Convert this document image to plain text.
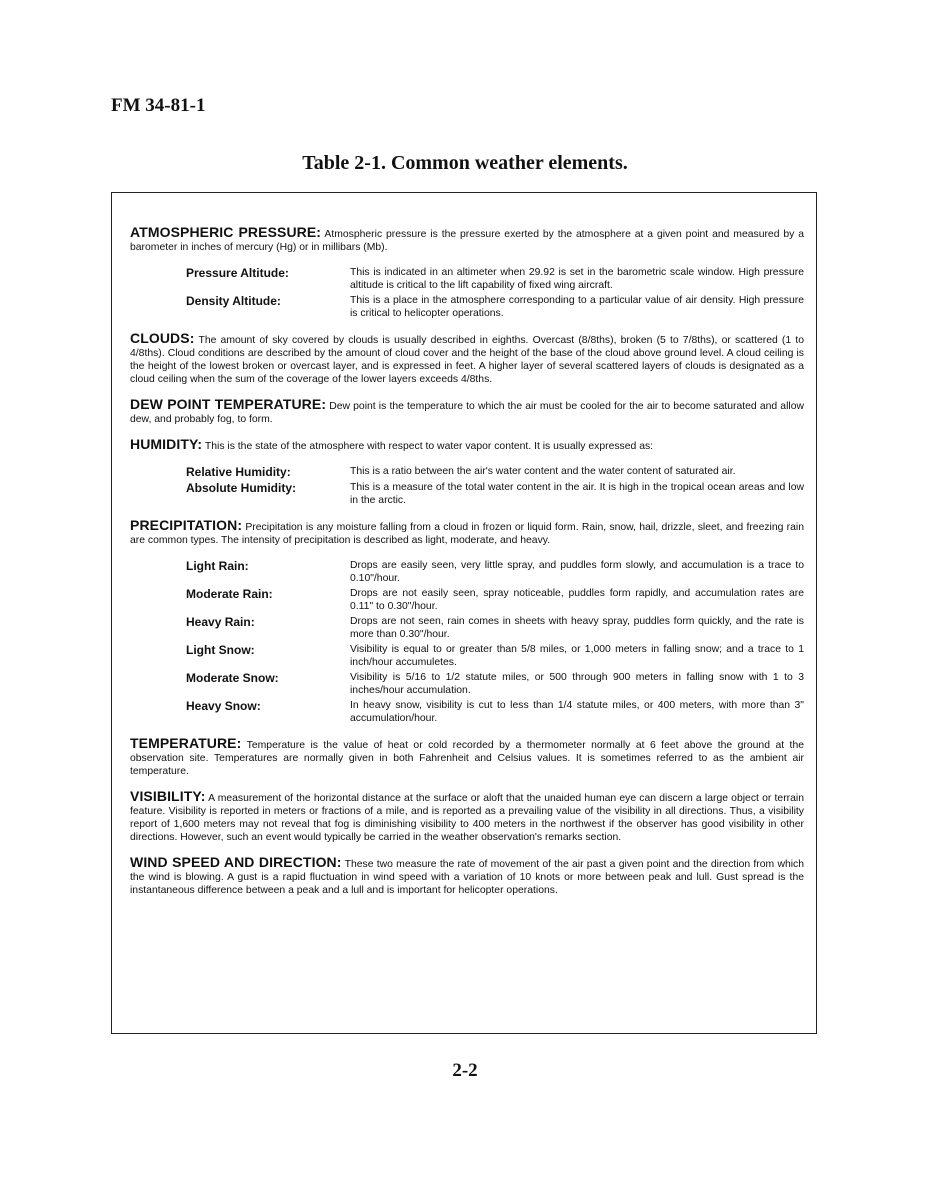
FM 34-81-1
Table 2-1. Common weather elements.

ATMOSPHERIC PRESSURE: Atmospheric pressure is the pressure exerted by the atmosphere at a given point and measured by a barometer in inches of mercury (Hg) or in millibars (Mb).

Pressure Altitude:	This is indicated in an altimeter when 29.92 is set in the barometric scale window. High pressure altitude is critical to the lift capability of fixed wing aircraft.
Density Altitude:	This is a place in the atmosphere corresponding to a particular value of air density. High pressure is critical to helicopter operations.

CLOUDS: The amount of sky covered by clouds is usually described in eighths. Overcast (8/8ths), broken (5 to 7/8ths), or scattered (1 to 4/8ths). Cloud conditions are described by the amount of cloud cover and the height of the base of the cloud above ground level. A cloud ceiling is the height of the lowest broken or overcast layer, and is expressed in feet. A higher layer of several scattered layers of clouds is designated as a cloud ceiling when the sum of the coverage of the lower layers exceeds 4/8ths.

DEW POINT TEMPERATURE: Dew point is the temperature to which the air must be cooled for the air to become saturated and allow dew, and probably fog, to form.

HUMIDITY: This is the state of the atmosphere with respect to water vapor content. It is usually expressed as:

Relative Humidity:	This is a ratio between the air's water content and the water content of saturated air.
Absolute Humidity:	This is a measure of the total water content in the air. It is high in the tropical ocean areas and low in the arctic.

PRECIPITATION: Precipitation is any moisture falling from a cloud in frozen or liquid form. Rain, snow, hail, drizzle, sleet, and freezing rain are common types. The intensity of precipitation is described as light, moderate, and heavy.

Light Rain:	Drops are easily seen, very little spray, and puddles form slowly, and accumulation is a trace to 0.10"/hour.
Moderate Rain:	Drops are not easily seen, spray noticeable, puddles form rapidly, and accumulation rates are 0.11" to 0.30"/hour.
Heavy Rain:	Drops are not seen, rain comes in sheets with heavy spray, puddles form quickly, and the rate is more than 0.30"/hour.
Light Snow:	Visibility is equal to or greater than 5/8 miles, or 1,000 meters in falling snow; and a trace to 1 inch/hour accumuletes.
Moderate Snow:	Visibility is 5/16 to 1/2 statute miles, or 500 through 900 meters in falling snow with 1 to 3 inches/hour accumulation.
Heavy Snow:	In heavy snow, visibility is cut to less than 1/4 statute miles, or 400 meters, with more than 3" accumulation/hour.

TEMPERATURE: Temperature is the value of heat or cold recorded by a thermometer normally at 6 feet above the ground at the observation site. Temperatures are normally given in both Fahrenheit and Celsius values. It is sometimes referred to as the ambient air temperature.

VISIBILITY: A measurement of the horizontal distance at the surface or aloft that the unaided human eye can discern a large object or terrain feature. Visibility is reported in meters or fractions of a mile, and is reported as a prevailing value of the visibility in all directions. Thus, a visibility report of 1,600 meters may not reveal that fog is diminishing visibility to 400 meters in the northwest if the observer has good visibility in other directions. However, such an event would typically be carried in the weather observation's remarks section.

WIND SPEED AND DIRECTION: These two measure the rate of movement of the air past a given point and the direction from which the wind is blowing. A gust is a rapid fluctuation in wind speed with a variation of 10 knots or more between peak and lull. Gust spread is the instantaneous difference between a peak and a lull and is important for helicopter operations.

2-2
